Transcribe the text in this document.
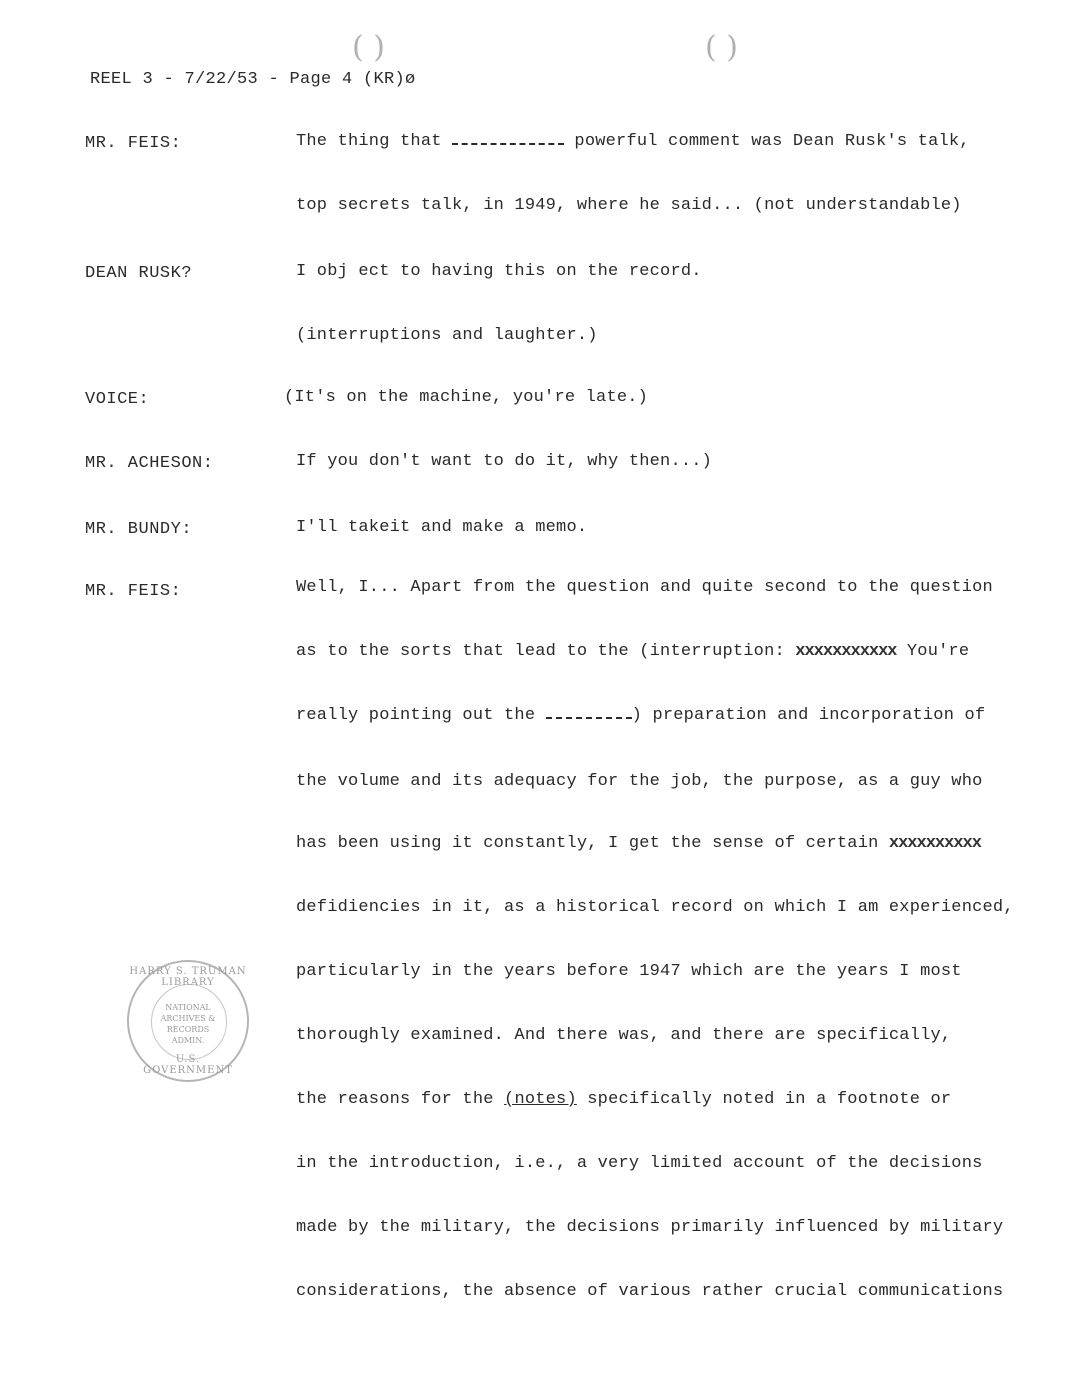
( )	( )
REEL 3 - 7/22/53 - Page 4 (KR)ø
MR. FEIS:	The thing that	powerful comment was Dean Rusk's talk,
top secrets talk, in 1949, where he said... (not understandable)
DEAN RUSK?	I obj ect to having this on the record.
(interruptions and laughter.)
VOICE:	(It's on the machine, you're late.)
MR. ACHESON:	If you don't want to do it, why then...)
MR. BUNDY:	I'll takeit and make a memo.
MR. FEIS:	Well, I... Apart from the question and quite second to the question
as to the sorts that lead to the (interruption: xxxxxxxxxxx You're
really pointing out the	) preparation and incorporation of
the volume and its adequacy for the job, the purpose, as a guy who
has been using it constantly, I get the sense of certain xxxxxxxxxx
defidiencies in it, as a historical record on which I am experienced,
particularly in the years before 1947 which are the years I most
thoroughly examined. And there was, and there are specifically,
the reasons for the (notes) specifically noted in a footnote or
in the introduction, i.e., a very limited account of the decisions
made by the military, the decisions primarily influenced by military
considerations, the absence of various rather crucial communications
HARRY S. TRUMAN LIBRARY
NATIONAL
ARCHIVES &
RECORDS
ADMIN.
U.S. GOVERNMENT
